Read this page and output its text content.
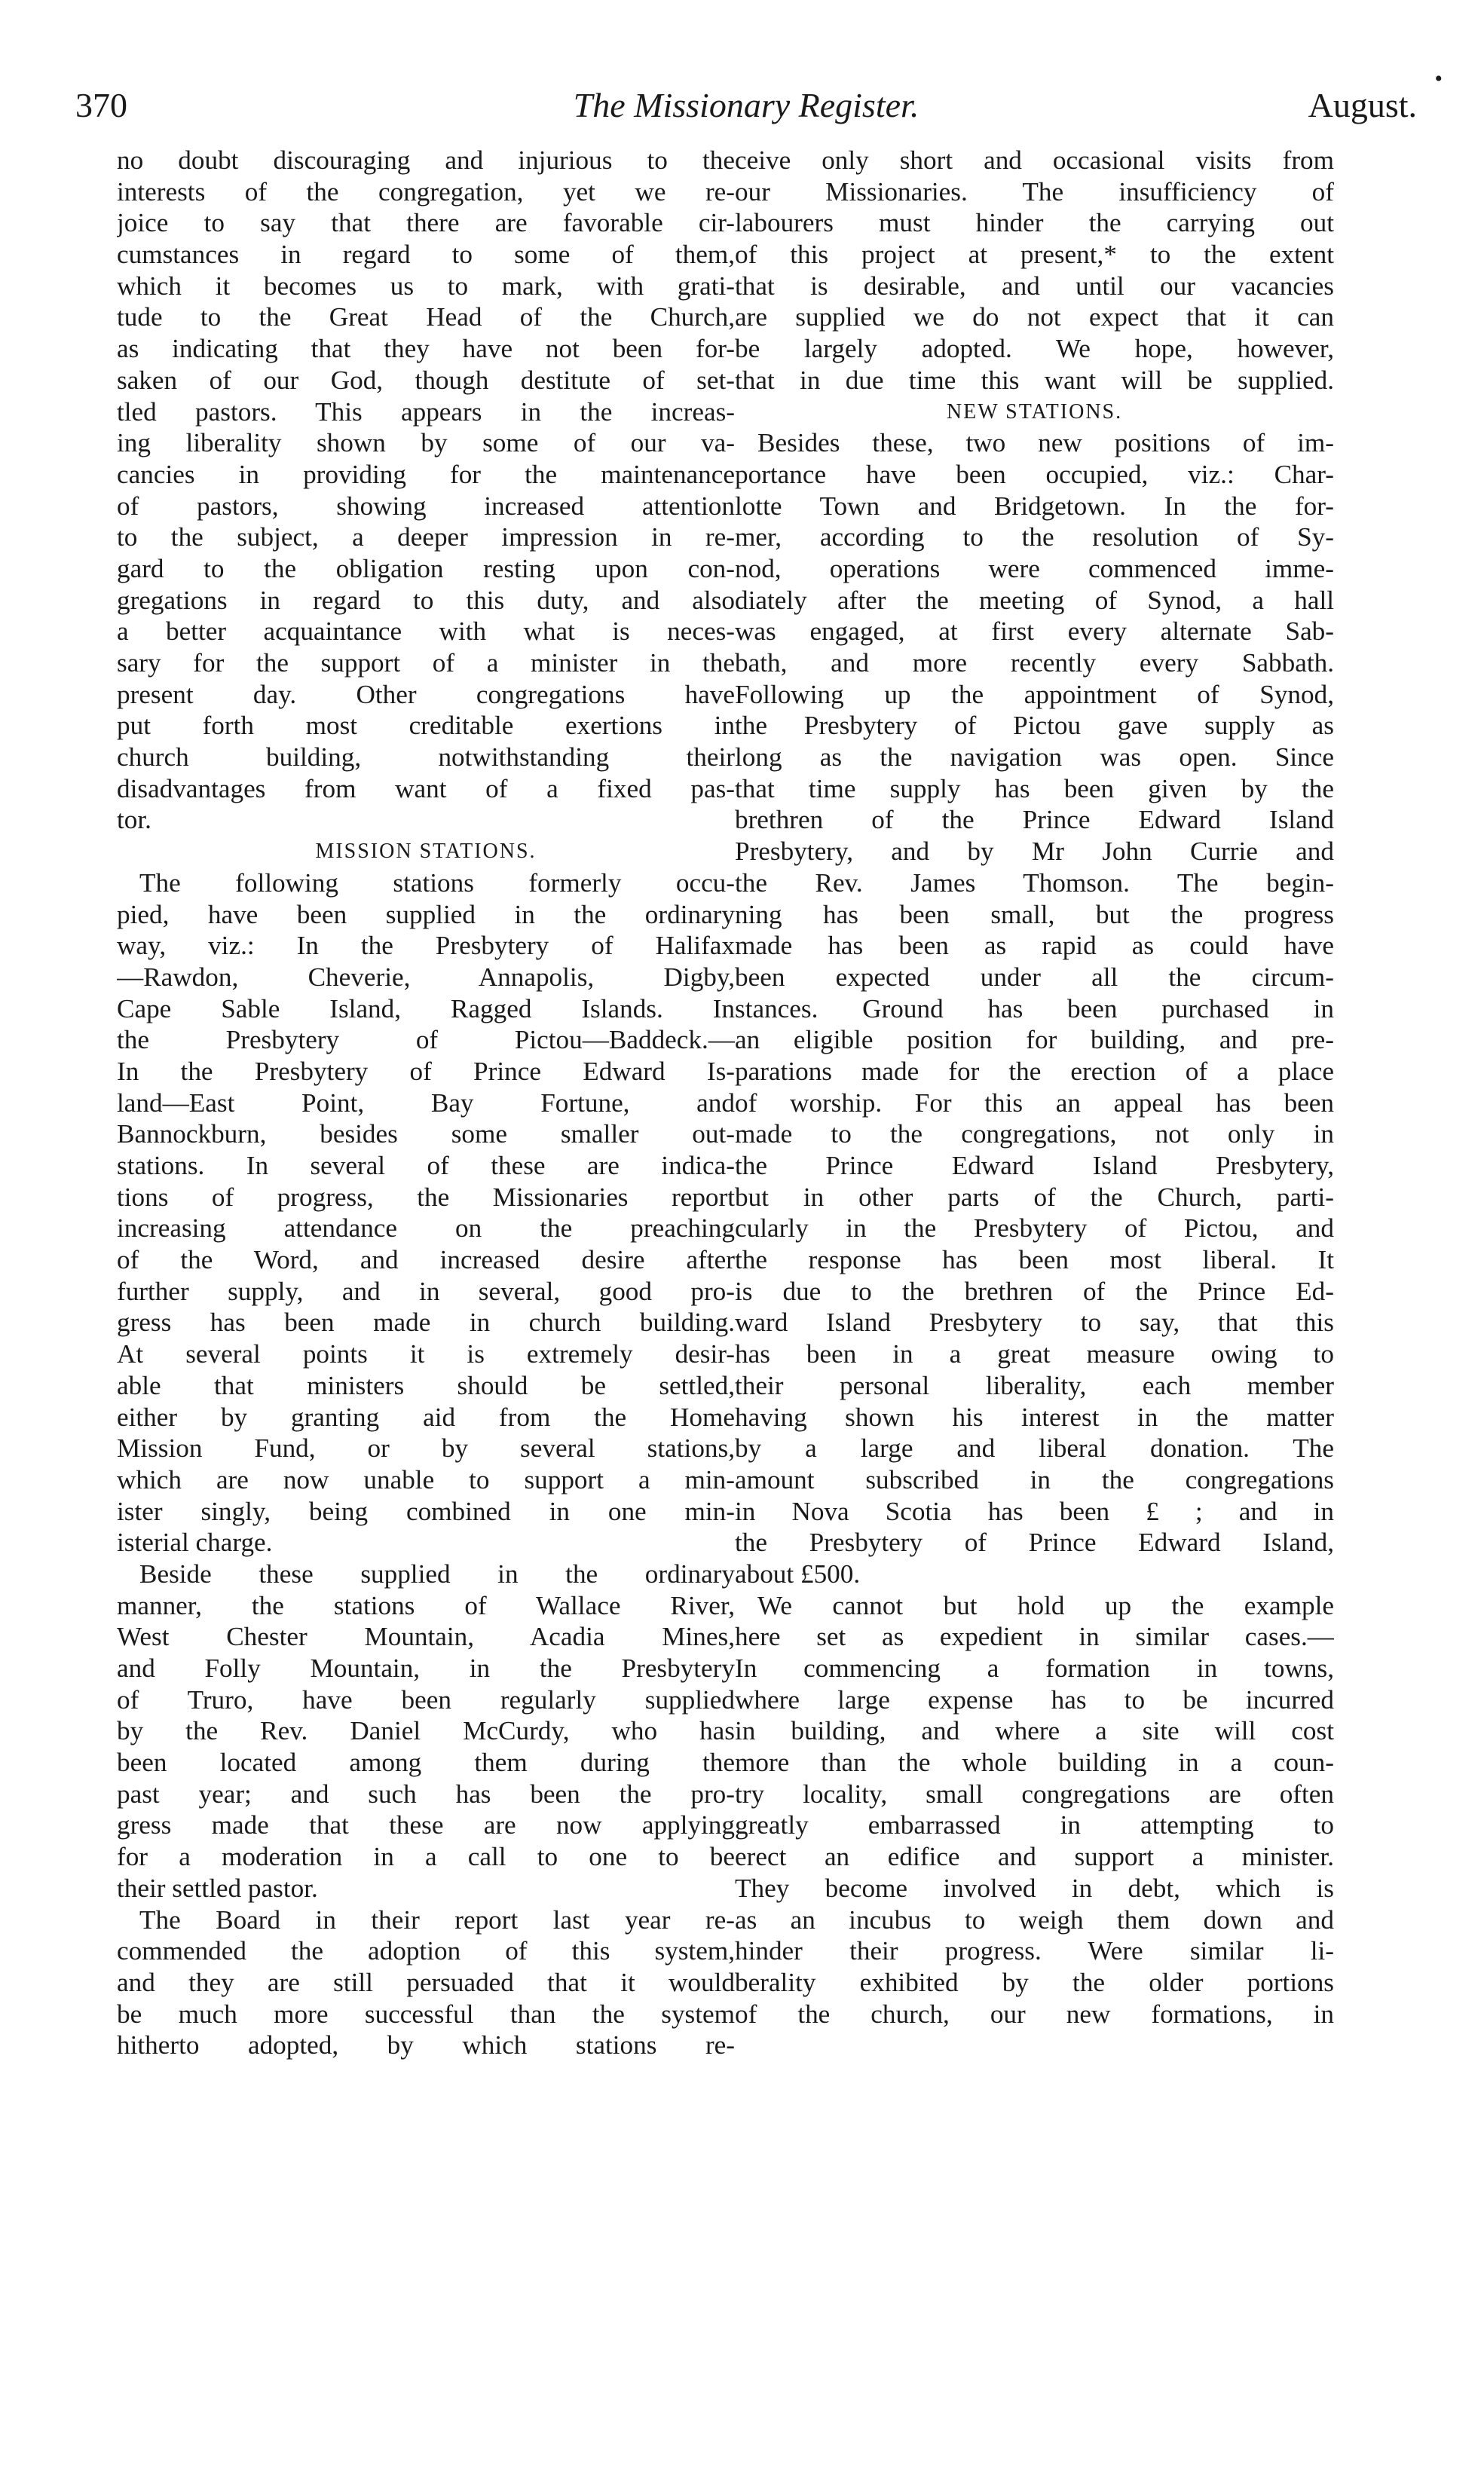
370	The Missionary Register.	August.
•
no doubt discouraging and injurious to the
interests of the congregation, yet we re-
joice to say that there are favorable cir-
cumstances in regard to some of them,
which it becomes us to mark, with grati-
tude to the Great Head of the Church,
as indicating that they have not been for-
saken of our God, though destitute of set-
tled pastors. This appears in the increas-
ing liberality shown by some of our va-
cancies in providing for the maintenance
of pastors, showing increased attention
to the subject, a deeper impression in re-
gard to the obligation resting upon con-
gregations in regard to this duty, and also
a better acquaintance with what is neces-
sary for the support of a minister in the
present day. Other congregations have
put forth most creditable exertions in
church building, notwithstanding their
disadvantages from want of a fixed pas-
tor.
MISSION STATIONS.
The following stations formerly occu-
pied, have been supplied in the ordinary
way, viz.: In the Presbytery of Halifax
—Rawdon, Cheverie, Annapolis, Digby,
Cape Sable Island, Ragged Islands. In
the Presbytery of Pictou—Baddeck.—
In the Presbytery of Prince Edward Is-
land—East Point, Bay Fortune, and
Bannockburn, besides some smaller out-
stations. In several of these are indica-
tions of progress, the Missionaries report
increasing attendance on the preaching
of the Word, and increased desire after
further supply, and in several, good pro-
gress has been made in church building.
At several points it is extremely desir-
able that ministers should be settled,
either by granting aid from the Home
Mission Fund, or by several stations,
which are now unable to support a min-
ister singly, being combined in one min-
isterial charge.
Beside these supplied in the ordinary
manner, the stations of Wallace River,
West Chester Mountain, Acadia Mines,
and Folly Mountain, in the Presbytery
of Truro, have been regularly supplied
by the Rev. Daniel McCurdy, who has
been located among them during the
past year; and such has been the pro-
gress made that these are now applying
for a moderation in a call to one to be
their settled pastor.
The Board in their report last year re-
commended the adoption of this system,
and they are still persuaded that it would
be much more successful than the system
hitherto adopted, by which stations re-
ceive only short and occasional visits from
our Missionaries. The insufficiency of
labourers must hinder the carrying out
of this project at present,* to the extent
that is desirable, and until our vacancies
are supplied we do not expect that it can
be largely adopted. We hope, however,
that in due time this want will be supplied.
NEW STATIONS.
Besides these, two new positions of im-
portance have been occupied, viz.: Char-
lotte Town and Bridgetown. In the for-
mer, according to the resolution of Sy-
nod, operations were commenced imme-
diately after the meeting of Synod, a hall
was engaged, at first every alternate Sab-
bath, and more recently every Sabbath.
Following up the appointment of Synod,
the Presbytery of Pictou gave supply as
long as the navigation was open. Since
that time supply has been given by the
brethren of the Prince Edward Island
Presbytery, and by Mr John Currie and
the Rev. James Thomson. The begin-
ning has been small, but the progress
made has been as rapid as could have
been expected under all the circum-
stances. Ground has been purchased in
an eligible position for building, and pre-
parations made for the erection of a place
of worship. For this an appeal has been
made to the congregations, not only in
the Prince Edward Island Presbytery,
but in other parts of the Church, parti-
cularly in the Presbytery of Pictou, and
the response has been most liberal. It
is due to the brethren of the Prince Ed-
ward Island Presbytery to say, that this
has been in a great measure owing to
their personal liberality, each member
having shown his interest in the matter
by a large and liberal donation. The
amount subscribed in the congregations
in Nova Scotia has been £ ; and in
the Presbytery of Prince Edward Island,
about £500.
We cannot but hold up the example
here set as expedient in similar cases.—
In commencing a formation in towns,
where large expense has to be incurred
in building, and where a site will cost
more than the whole building in a coun-
try locality, small congregations are often
greatly embarrassed in attempting to
erect an edifice and support a minister.
They become involved in debt, which is
as an incubus to weigh them down and
hinder their progress. Were similar li-
berality exhibited by the older portions
of the church, our new formations, in
